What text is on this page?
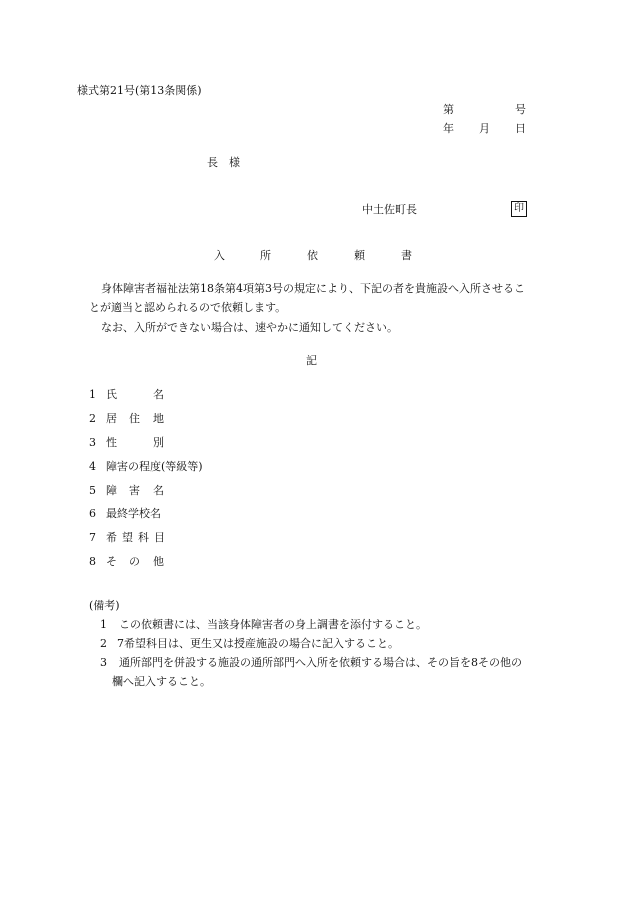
様式第21号(第13条関係)
第	号
年 月 日
長 様
中土佐町長	印
入	所	依	頼	書
身体障害者福祉法第18条第4項第3号の規定により、下記の者を貴施設へ入所させるこ
とが適当と認められるので依頼します。
なお、入所ができない場合は、速やかに通知してください。
記
1 氏	名
2 居 住 地
3 性	別
4 障害の程度(等級等)
5 障 害 名
6 最終学校名
7 希 望 科 目
8 そ の 他
(備考)
1 この依頼書には、当該身体障害者の身上調書を添付すること。
2 7希望科目は、更生又は授産施設の場合に記入すること。
3 通所部門を併設する施設の通所部門へ入所を依頼する場合は、その旨を8その他の
欄へ記入すること。
